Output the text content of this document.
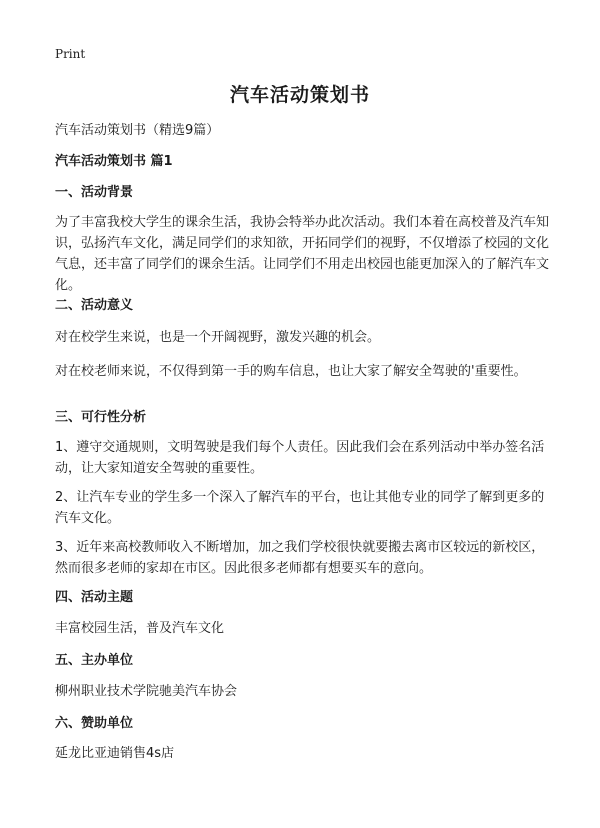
Print
汽车活动策划书
汽车活动策划书（精选9篇）
汽车活动策划书 篇1
一、活动背景
为了丰富我校大学生的课余生活，我协会特举办此次活动。我们本着在高校普及汽车知识，弘扬汽车文化，满足同学们的求知欲，开拓同学们的视野，不仅增添了校园的文化气息，还丰富了同学们的课余生活。让同学们不用走出校园也能更加深入的了解汽车文化。
二、活动意义
对在校学生来说，也是一个开阔视野，激发兴趣的机会。
对在校老师来说，不仅得到第一手的购车信息，也让大家了解安全驾驶的'重要性。
三、可行性分析
1、遵守交通规则，文明驾驶是我们每个人责任。因此我们会在系列活动中举办签名活动，让大家知道安全驾驶的重要性。
2、让汽车专业的学生多一个深入了解汽车的平台，也让其他专业的同学了解到更多的汽车文化。
3、近年来高校教师收入不断增加，加之我们学校很快就要搬去离市区较远的新校区，然而很多老师的家却在市区。因此很多老师都有想要买车的意向。
四、活动主题
丰富校园生活，普及汽车文化
五、主办单位
柳州职业技术学院驰美汽车协会
六、赞助单位
延龙比亚迪销售4s店
